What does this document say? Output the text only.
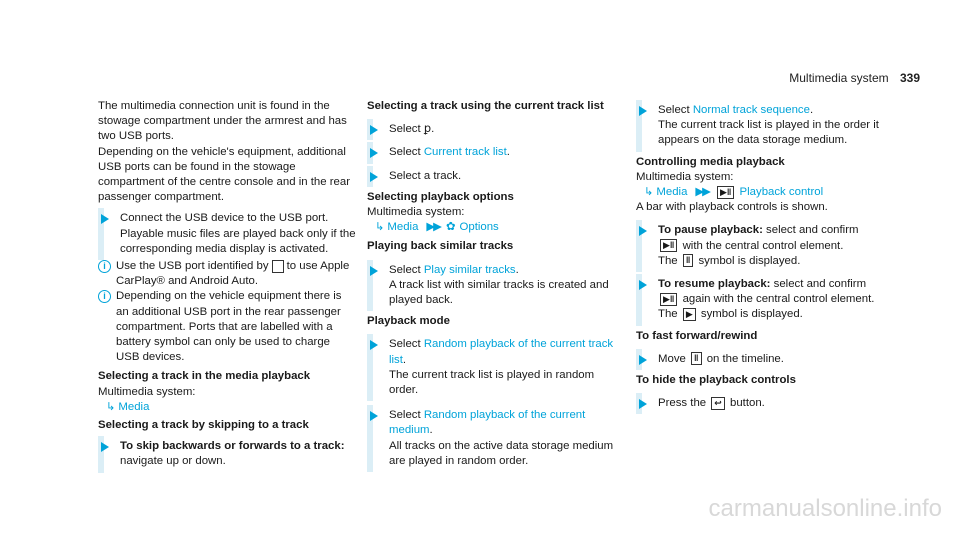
Multimedia system 339

The multimedia connection unit is found in the stowage compartment under the armrest and has two USB ports.

Depending on the vehicle's equipment, additional USB ports can be found in the stowage compartment of the centre console and in the rear passenger compartment.

Connect the USB device to the USB port.

Playable music files are played back only if the corresponding media display is activated.

i Use the USB port identified by to use Apple CarPlay® and Android Auto.

i Depending on the vehicle equipment there is an additional USB port in the rear passenger compartment. Ports that are labelled with a battery symbol can only be used to charge USB devices.

Selecting a track in the media playback

Multimedia system:

↳ Media

Selecting a track by skipping to a track

To skip backwards or forwards to a track: navigate up or down.

Selecting a track using the current track list

Select ꝑ.

Select Current track list.

Select a track.

Selecting playback options

Multimedia system:

↳ Media ▶▶ ✿ Options

Playing back similar tracks

Select Play similar tracks.

A track list with similar tracks is created and played back.

Playback mode

Select Random playback of the current track list.

The current track list is played in random order.

Select Random playback of the current medium.

All tracks on the active data storage medium are played in random order.

Select Normal track sequence.

The current track list is played in the order it appears on the data storage medium.

Controlling media playback

Multimedia system:

↳ Media ▶▶ ▶‖ Playback control

A bar with playback controls is shown.

To pause playback: select and confirm

▶‖ with the central control element.

The ‖ symbol is displayed.

To resume playback: select and confirm

▶‖ again with the central control element.

The ▶ symbol is displayed.

To fast forward/rewind

Move ‖ on the timeline.

To hide the playback controls

Press the ↩ button.

carmanualsonline.info
